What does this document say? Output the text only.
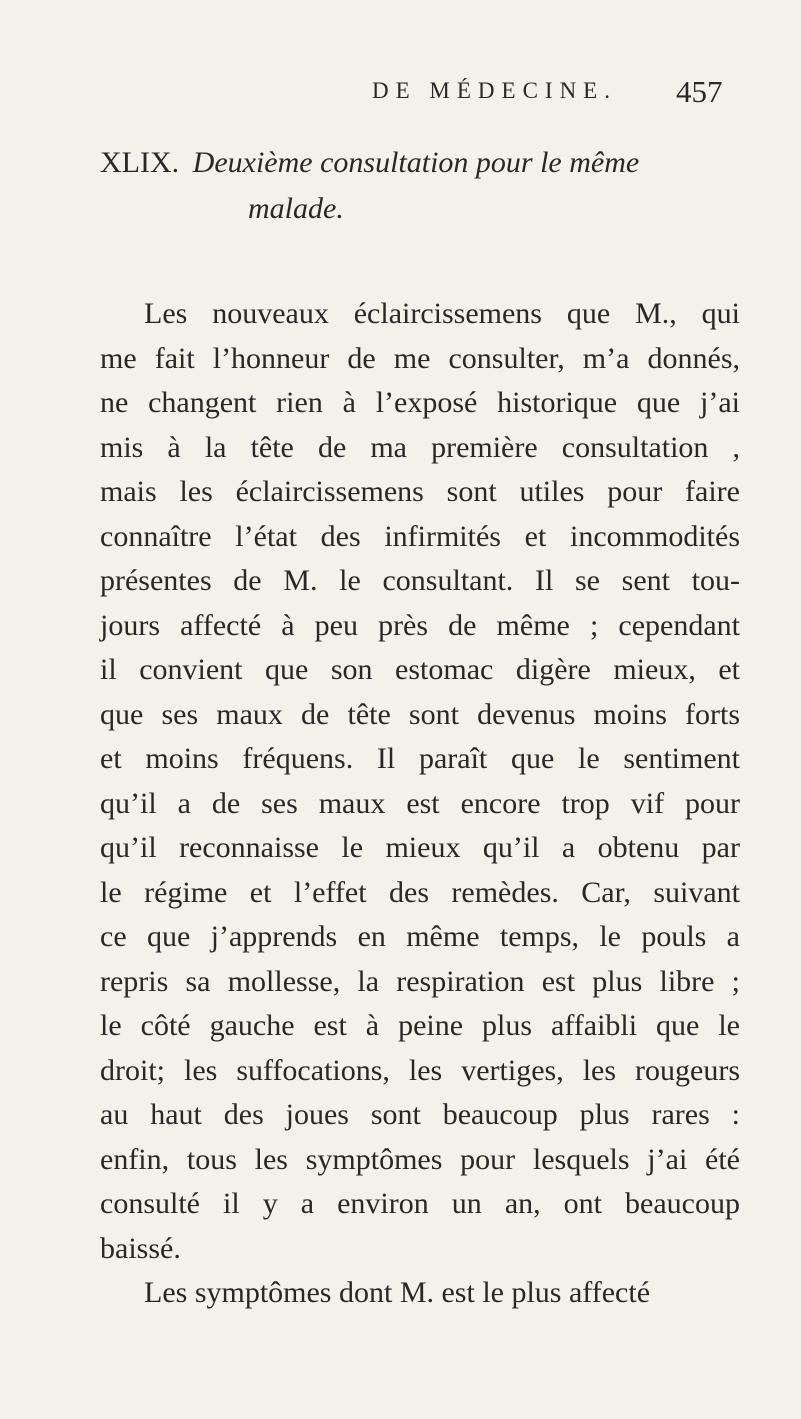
DE MÉDECINE. 457
XLIX. Deuxième consultation pour le même
malade.
Les nouveaux éclaircissemens que M., qui
me fait l’honneur de me consulter, m’a donnés,
ne changent rien à l’exposé historique que j’ai
mis à la tête de ma première consultation ,
mais les éclaircissemens sont utiles pour faire
connaître l’état des infirmités et incommodités
présentes de M. le consultant. Il se sent tou-
jours affecté à peu près de même ; cependant
il convient que son estomac digère mieux, et
que ses maux de tête sont devenus moins forts
et moins fréquens. Il paraît que le sentiment
qu’il a de ses maux est encore trop vif pour
qu’il reconnaisse le mieux qu’il a obtenu par
le régime et l’effet des remèdes. Car, suivant
ce que j’apprends en même temps, le pouls a
repris sa mollesse, la respiration est plus libre ;
le côté gauche est à peine plus affaibli que le
droit; les suffocations, les vertiges, les rougeurs
au haut des joues sont beaucoup plus rares :
enfin, tous les symptômes pour lesquels j’ai été
consulté il y a environ un an, ont beaucoup
baissé.
Les symptômes dont M. est le plus affecté
